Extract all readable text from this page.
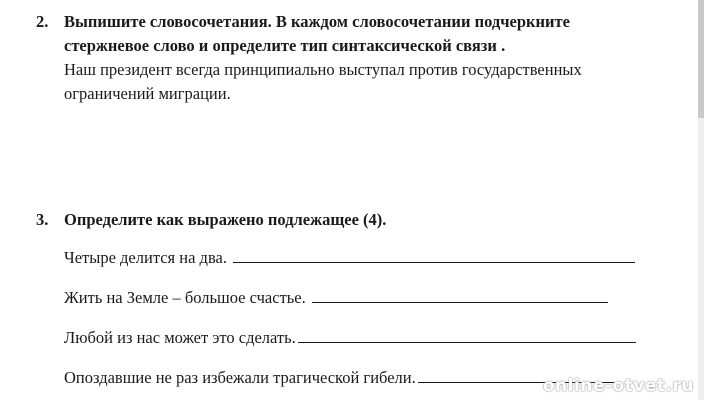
2. Выпишите словосочетания. В каждом словосочетании подчеркните
стержневое слово и определите тип синтаксической связи .
Наш президент всегда принципиально выступал против государственных
ограничений миграции.
3. Определите как выражено подлежащее (4).
Четыре делится на два.
Жить на Земле – большое счастье.
Любой из нас может это сделать.
Опоздавшие не раз избежали трагической гибели.	online-otvet.ru
